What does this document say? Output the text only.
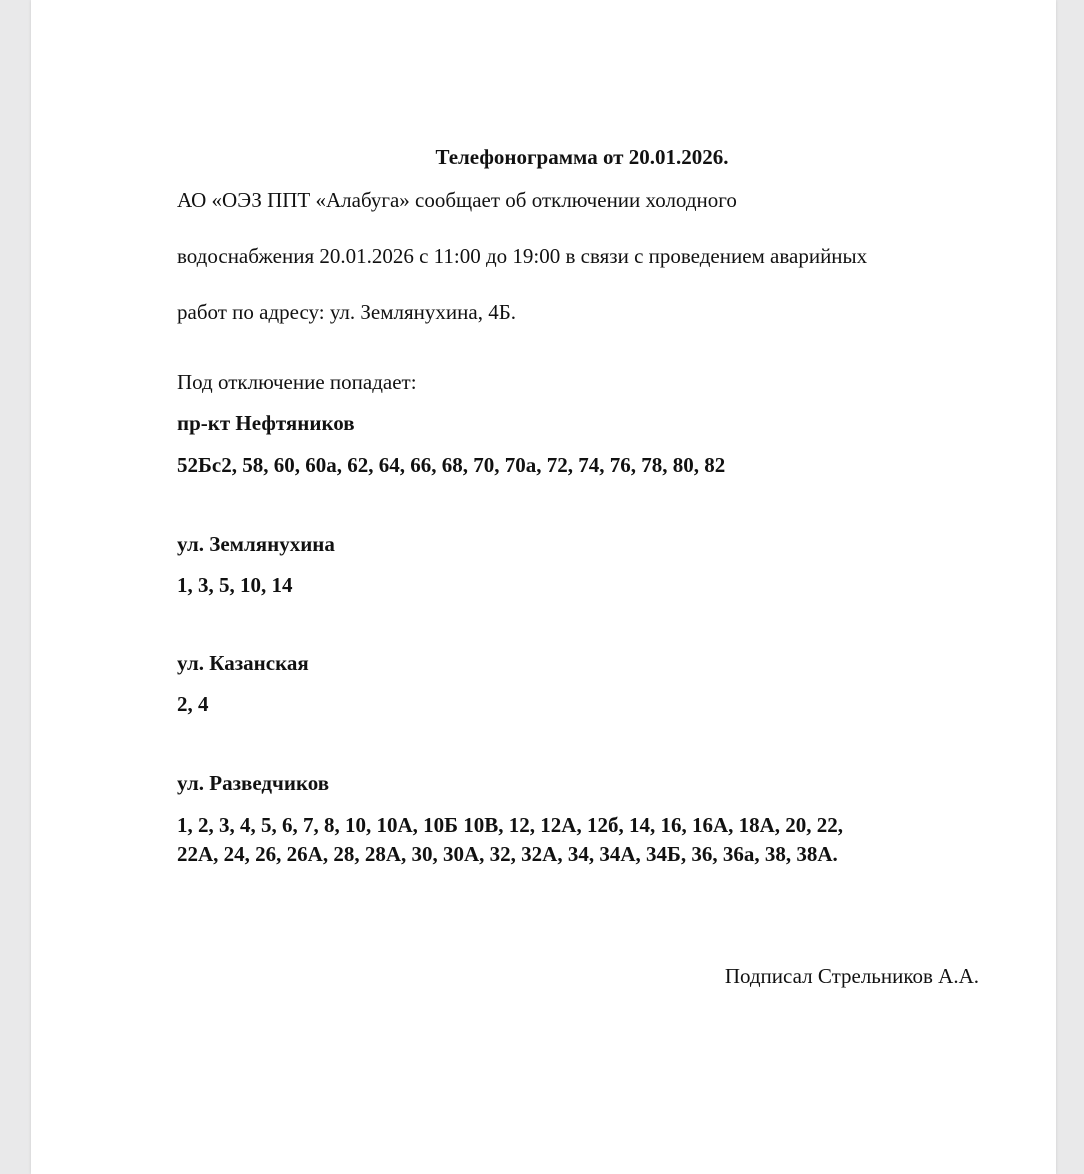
Телефонограмма от 20.01.2026.
АО «ОЭЗ ППТ «Алабуга» сообщает об отключении холодного
водоснабжения 20.01.2026 с 11:00 до 19:00 в связи с проведением аварийных
работ по адресу: ул. Землянухина, 4Б.
Под отключение попадает:
пр-кт Нефтяников
52Бс2, 58, 60, 60а, 62, 64, 66, 68, 70, 70а, 72, 74, 76, 78, 80, 82
ул. Землянухина
1, 3, 5, 10, 14
ул. Казанская
2, 4
ул. Разведчиков
1, 2, 3, 4, 5, 6, 7, 8, 10, 10А, 10Б 10В, 12, 12А, 12б, 14, 16, 16А, 18А, 20, 22,
22А, 24, 26, 26А, 28, 28А, 30, 30А, 32, 32А, 34, 34А, 34Б, 36, 36а, 38, 38А.
Подписал Стрельников А.А.
